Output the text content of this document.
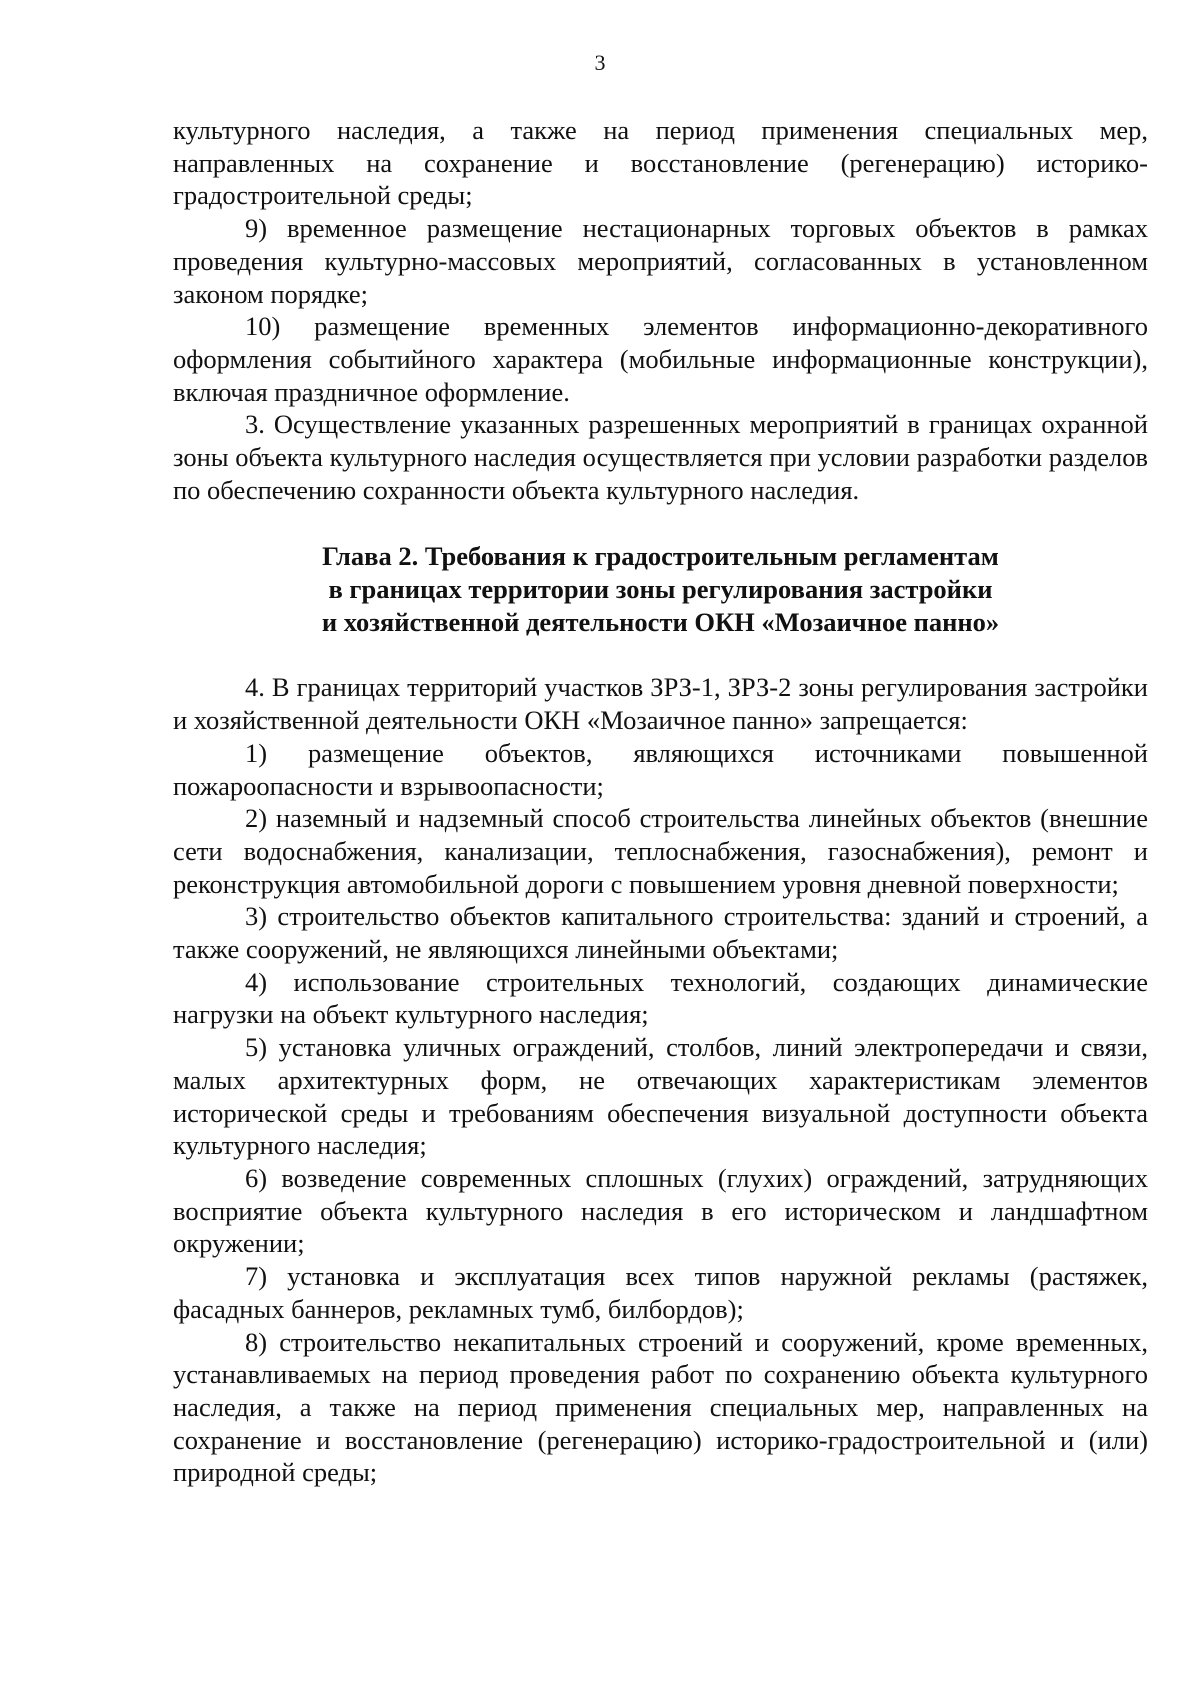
3

культурного наследия, а также на период применения специальных мер, направленных на сохранение и восстановление (регенерацию) историко-градостроительной среды;

9) временное размещение нестационарных торговых объектов в рамках проведения культурно-массовых мероприятий, согласованных в установленном законом порядке;

10) размещение временных элементов информационно-декоративного оформления событийного характера (мобильные информационные конструкции), включая праздничное оформление.

3. Осуществление указанных разрешенных мероприятий в границах охранной зоны объекта культурного наследия осуществляется при условии разработки разделов по обеспечению сохранности объекта культурного наследия.

Глава 2. Требования к градостроительным регламентам
в границах территории зоны регулирования застройки
и хозяйственной деятельности ОКН «Мозаичное панно»

4. В границах территорий участков ЗРЗ-1, ЗРЗ-2 зоны регулирования застройки и хозяйственной деятельности ОКН «Мозаичное панно» запрещается:

1) размещение объектов, являющихся источниками повышенной пожароопасности и взрывоопасности;

2) наземный и надземный способ строительства линейных объектов (внешние сети водоснабжения, канализации, теплоснабжения, газоснабжения), ремонт и реконструкция автомобильной дороги с повышением уровня дневной поверхности;

3) строительство объектов капитального строительства: зданий и строений, а также сооружений, не являющихся линейными объектами;

4) использование строительных технологий, создающих динамические нагрузки на объект культурного наследия;

5) установка уличных ограждений, столбов, линий электропередачи и связи, малых архитектурных форм, не отвечающих характеристикам элементов исторической среды и требованиям обеспечения визуальной доступности объекта культурного наследия;

6) возведение современных сплошных (глухих) ограждений, затрудняющих восприятие объекта культурного наследия в его историческом и ландшафтном окружении;

7) установка и эксплуатация всех типов наружной рекламы (растяжек, фасадных баннеров, рекламных тумб, билбордов);

8) строительство некапитальных строений и сооружений, кроме временных, устанавливаемых на период проведения работ по сохранению объекта культурного наследия, а также на период применения специальных мер, направленных на сохранение и восстановление (регенерацию) историко-градостроительной и (или) природной среды;
